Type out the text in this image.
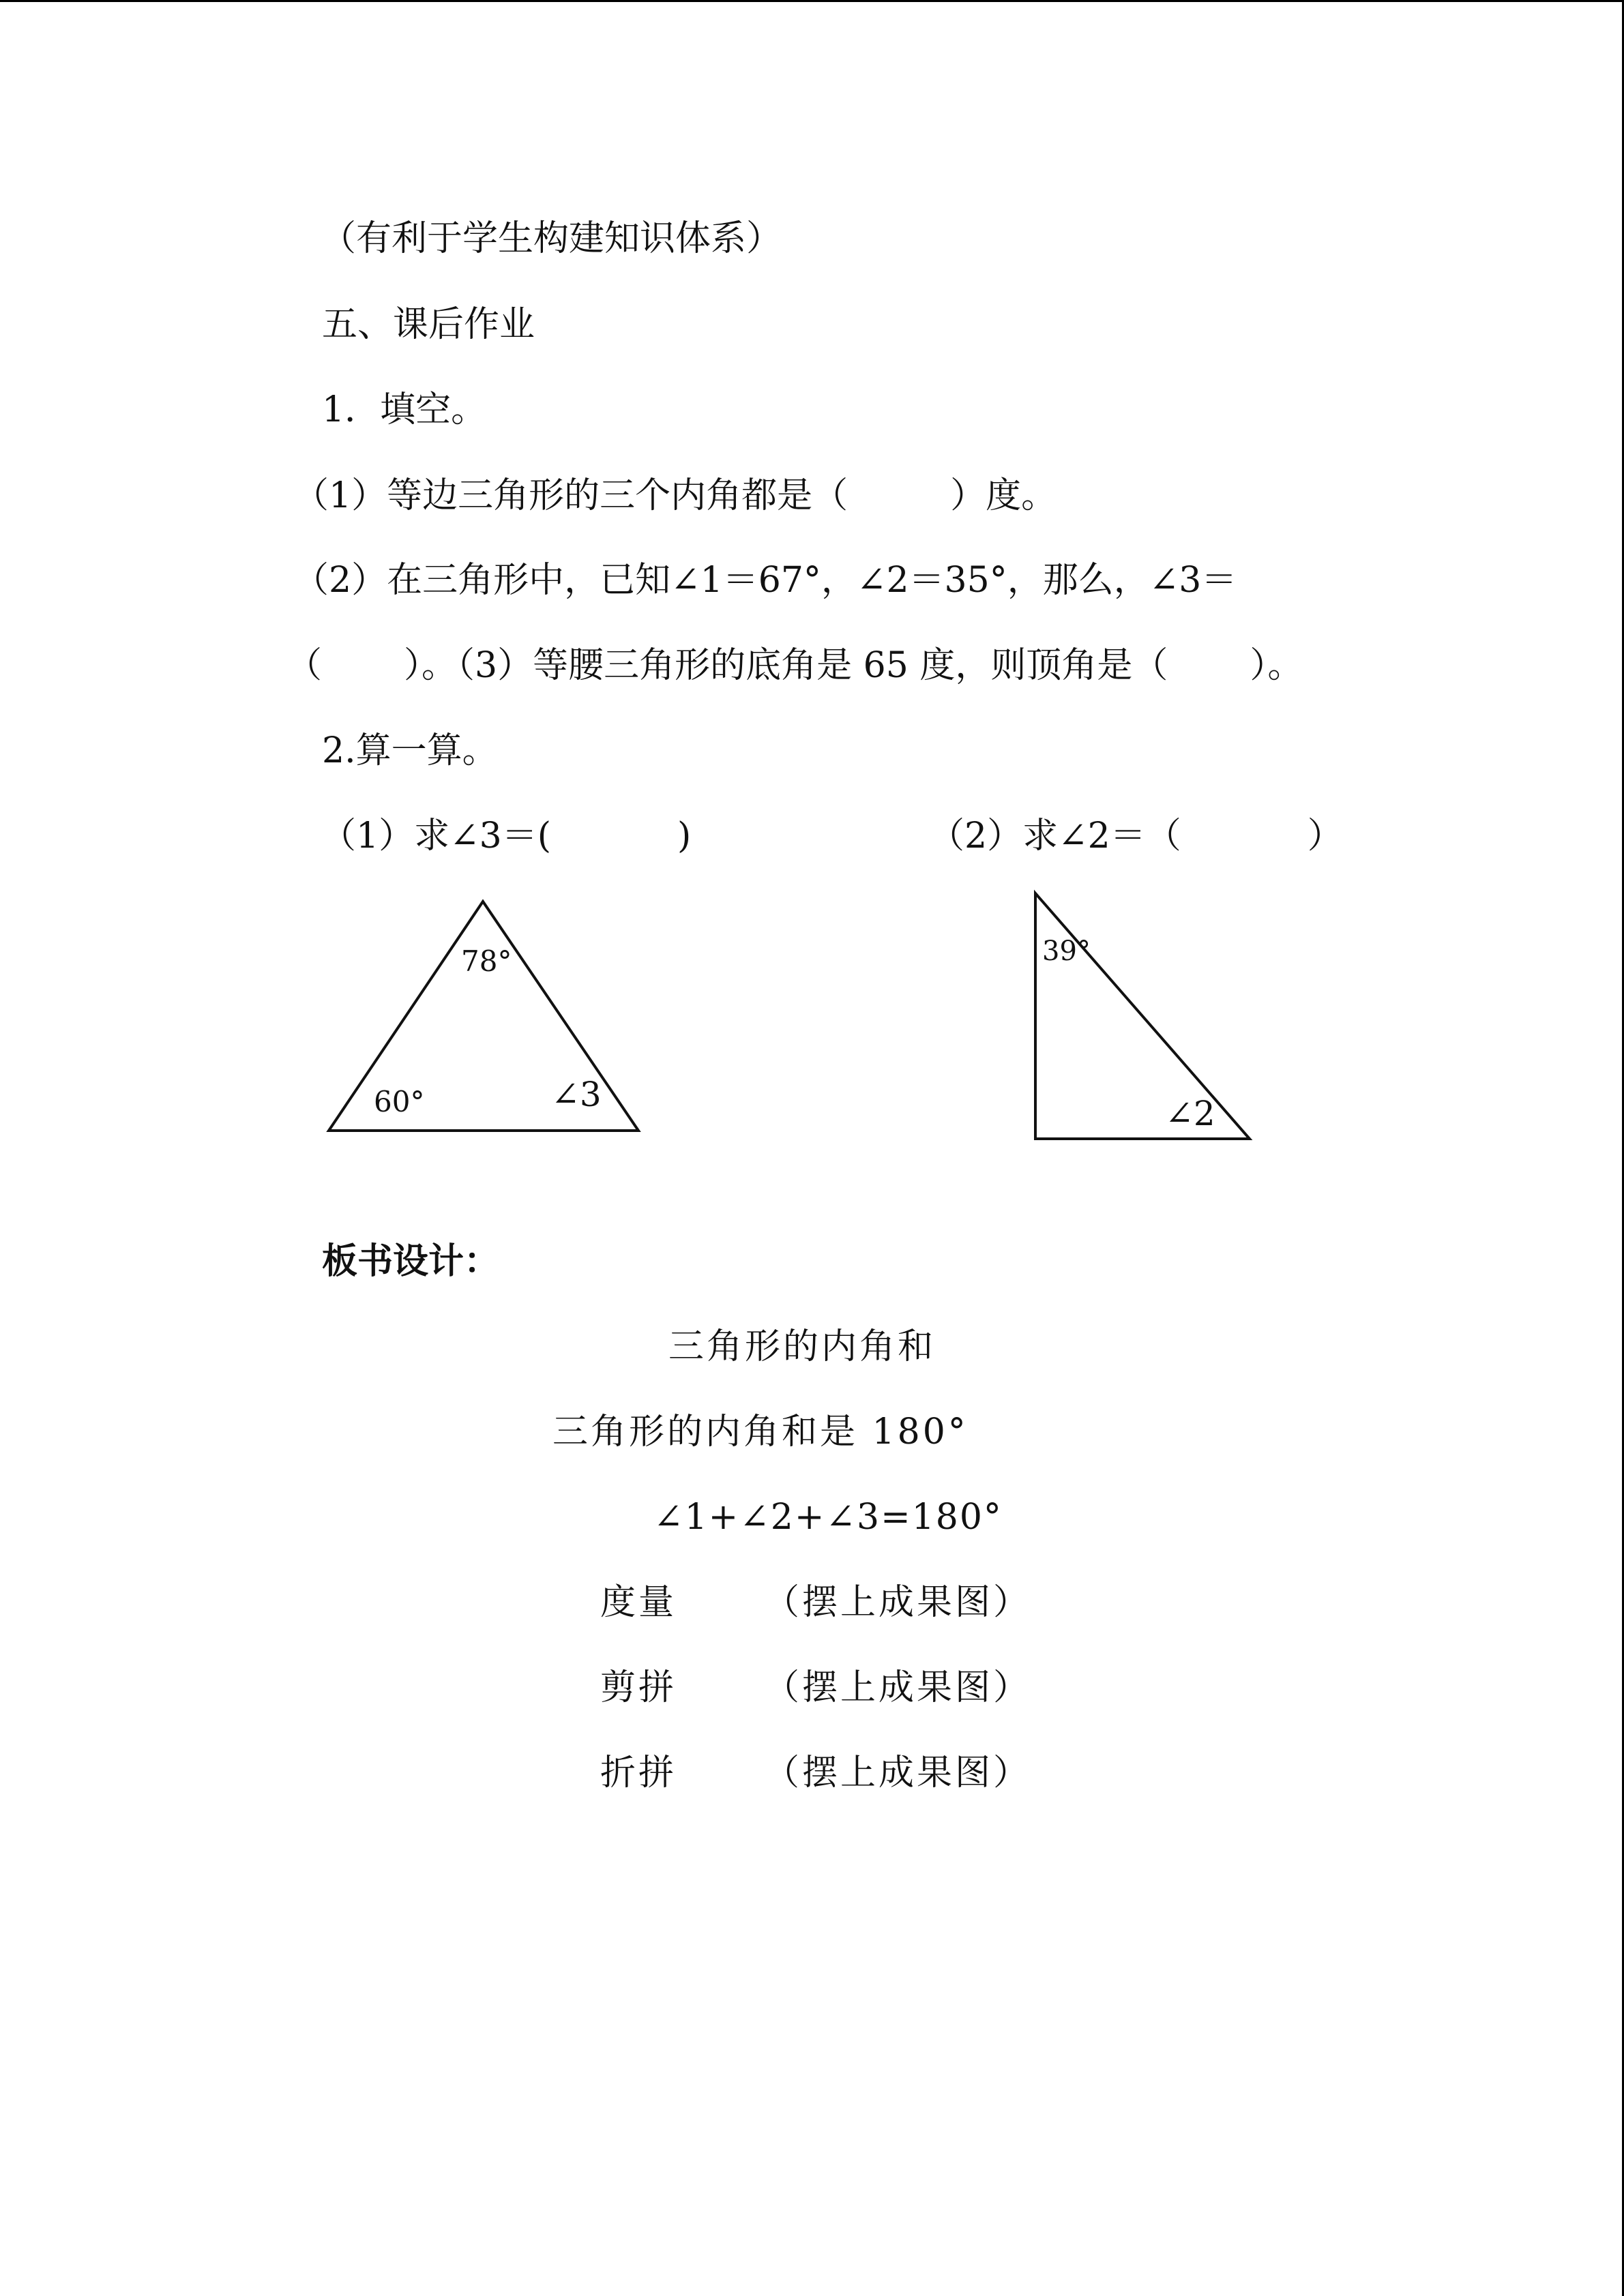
（有利于学生构建知识体系）
五、课后作业
1．填空。
（1）等边三角形的三个内角都是（	）度。
（2）在三角形中，已知∠1＝67°，∠2＝35°，那么，∠3＝
（ ）。（3）等腰三角形的底角是 65 度，则顶角是（ ）。
2.算一算。
（1）求∠3＝(	)	（2）求∠2＝（	）
78°
60°	∠3
39°
∠2
板书设计：
三角形的内角和
三角形的内角和是 180°
∠1+∠2+∠3=180°
度量 （摆上成果图）
剪拼 （摆上成果图）
折拼 （摆上成果图）
